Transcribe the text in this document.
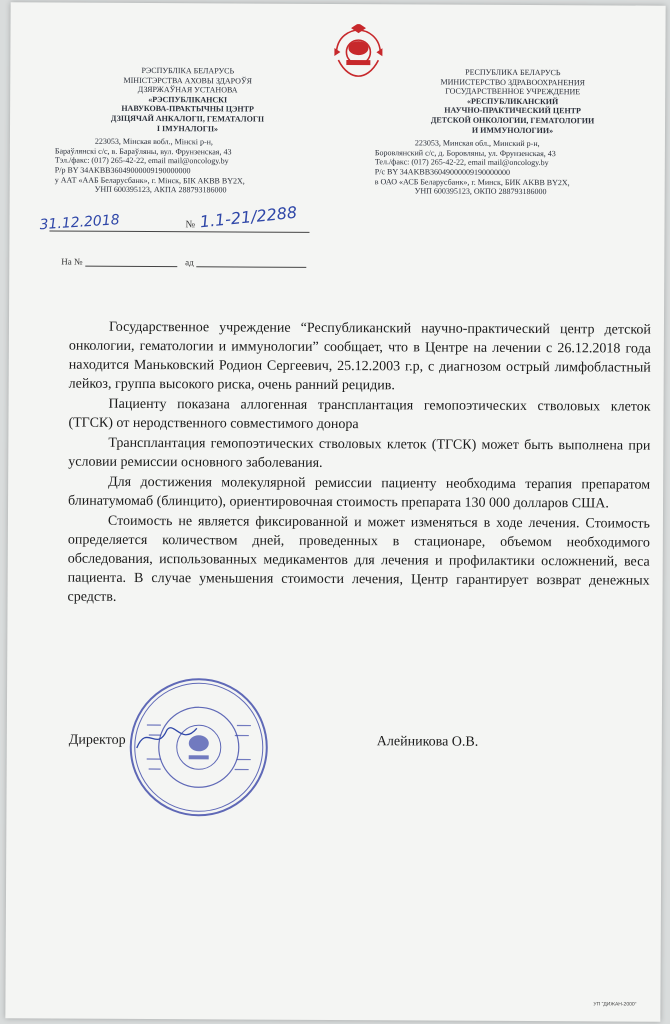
РЭСПУБЛІКА БЕЛАРУСЬ
МІНІСТЭРСТВА АХОВЫ ЗДАРОЎЯ
ДЗЯРЖАЎНАЯ УСТАНОВА
«РЭСПУБЛІКАНСКІ
НАВУКОВА-ПРАКТЫЧНЫ ЦЭНТР
ДЗІЦЯЧАЙ АНКАЛОГІІ, ГЕМАТАЛОГІІ
І ІМУНАЛОГІІ»
223053, Мінская вобл., Мінскі р-н,
Бараўлянскі с/с, в. Бараўляны, вул. Фрунзенская, 43
Тэл./факс: (017) 265-42-22, email mail@oncology.by
Р/р BY 34AKBB36049000009190000000
у ААТ «ААБ Беларусбанк», г. Мінск, БІК AKBB BY2X,
УНП 600395123, АКПА 288793186000
РЕСПУБЛИКА БЕЛАРУСЬ
МИНИСТЕРСТВО ЗДРАВООХРАНЕНИЯ
ГОСУДАРСТВЕННОЕ УЧРЕЖДЕНИЕ
«РЕСПУБЛИКАНСКИЙ
НАУЧНО-ПРАКТИЧЕСКИЙ ЦЕНТР
ДЕТСКОЙ ОНКОЛОГИИ, ГЕМАТОЛОГИИ
И ИММУНОЛОГИИ»
223053, Минская обл., Минский р-н,
Боровлянский с/с, д. Боровляны, ул. Фрунзенская, 43
Тел./факс: (017) 265-42-22, email mail@oncology.by
Р/с BY 34AKBB36049000009190000000
в ОАО «АСБ Беларусбанк», г. Минск, БИК AKBB BY2X,
УНП 600395123, ОКПО 288793186000
№
31.12.2018	1.1-21/2288
На №	ад

Государственное учреждение “Республиканский научно-практический центр детской онкологии, гематологии и иммунологии” сообщает, что в Центре на лечении с 26.12.2018 года находится Маньковский Родион Сергеевич, 25.12.2003 г.р, с диагнозом острый лимфобластный лейкоз, группа высокого риска, очень ранний рецидив.

Пациенту показана аллогенная трансплантация гемопоэтических стволовых клеток (ТГСК) от неродственного совместимого донора

Трансплантация гемопоэтических стволовых клеток (ТГСК) может быть выполнена при условии ремиссии основного заболевания.

Для достижения молекулярной ремиссии пациенту необходима терапия препаратом блинатумомаб (блинцито), ориентировочная стоимость препарата 130 000 долларов США.

Стоимость не является фиксированной и может изменяться в ходе лечения. Стоимость определяется количеством дней, проведенных в стационаре, объемом необходимого обследования, использованных медикаментов для лечения и профилактики осложнений, веса пациента. В случае уменьшения стоимости лечения, Центр гарантирует возврат денежных средств.

Директор	Алейникова О.В.
УП "ДИЖАН-2000"
